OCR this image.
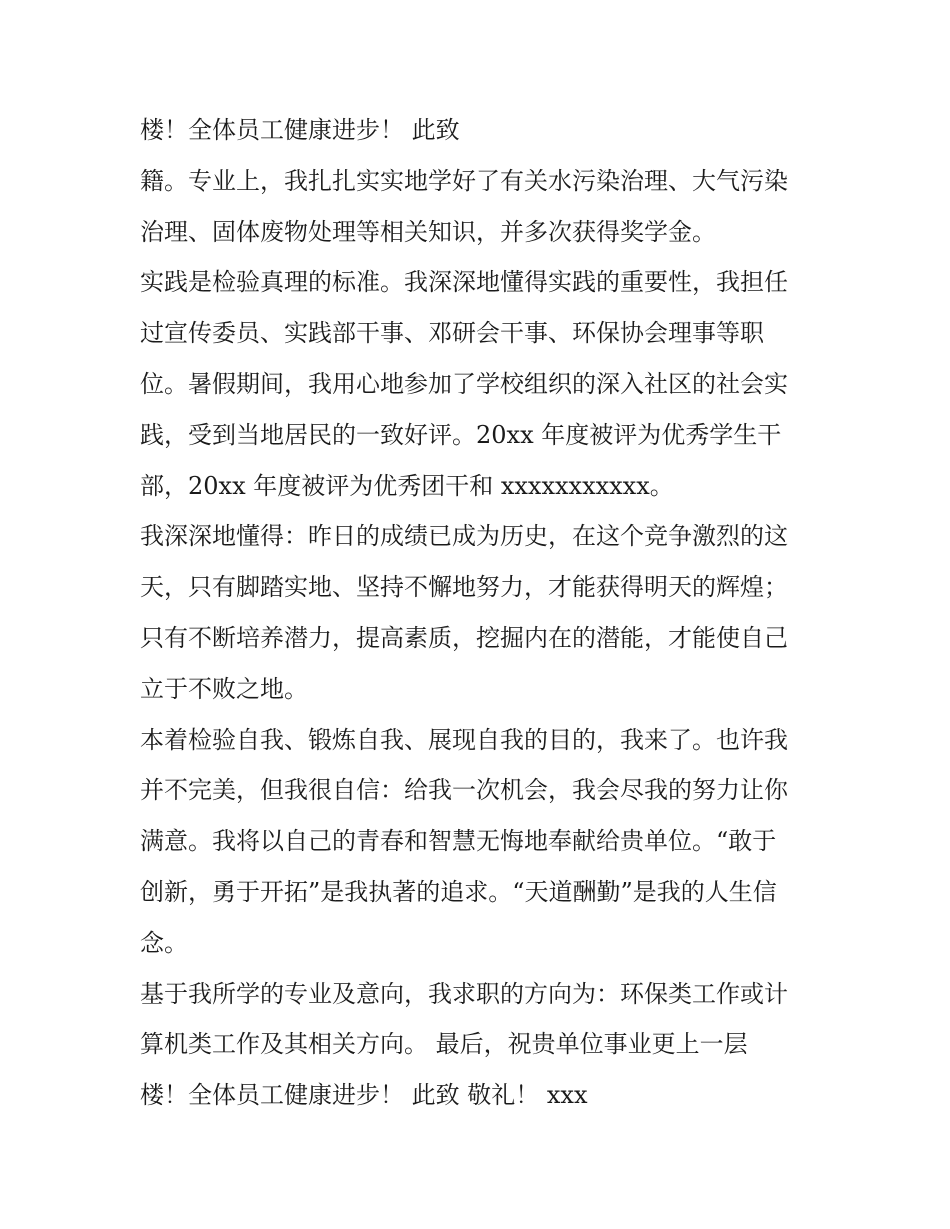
楼！全体员工健康进步！ 此致
籍。专业上，我扎扎实实地学好了有关水污染治理、大气污染
治理、固体废物处理等相关知识，并多次获得奖学金。
实践是检验真理的标准。我深深地懂得实践的重要性，我担任
过宣传委员、实践部干事、邓研会干事、环保协会理事等职
位。暑假期间，我用心地参加了学校组织的深入社区的社会实
践，受到当地居民的一致好评。20xx 年度被评为优秀学生干
部，20xx 年度被评为优秀团干和 xxxxxxxxxxx。
我深深地懂得：昨日的成绩已成为历史，在这个竞争激烈的这
天，只有脚踏实地、坚持不懈地努力，才能获得明天的辉煌；
只有不断培养潜力，提高素质，挖掘内在的潜能，才能使自己
立于不败之地。
本着检验自我、锻炼自我、展现自我的目的，我来了。也许我
并不完美，但我很自信：给我一次机会，我会尽我的努力让你
满意。我将以自己的青春和智慧无悔地奉献给贵单位。“敢于
创新，勇于开拓”是我执著的追求。“天道酬勤”是我的人生信
念。
基于我所学的专业及意向，我求职的方向为：环保类工作或计
算机类工作及其相关方向。 最后，祝贵单位事业更上一层
楼！全体员工健康进步！ 此致 敬礼！ xxx
